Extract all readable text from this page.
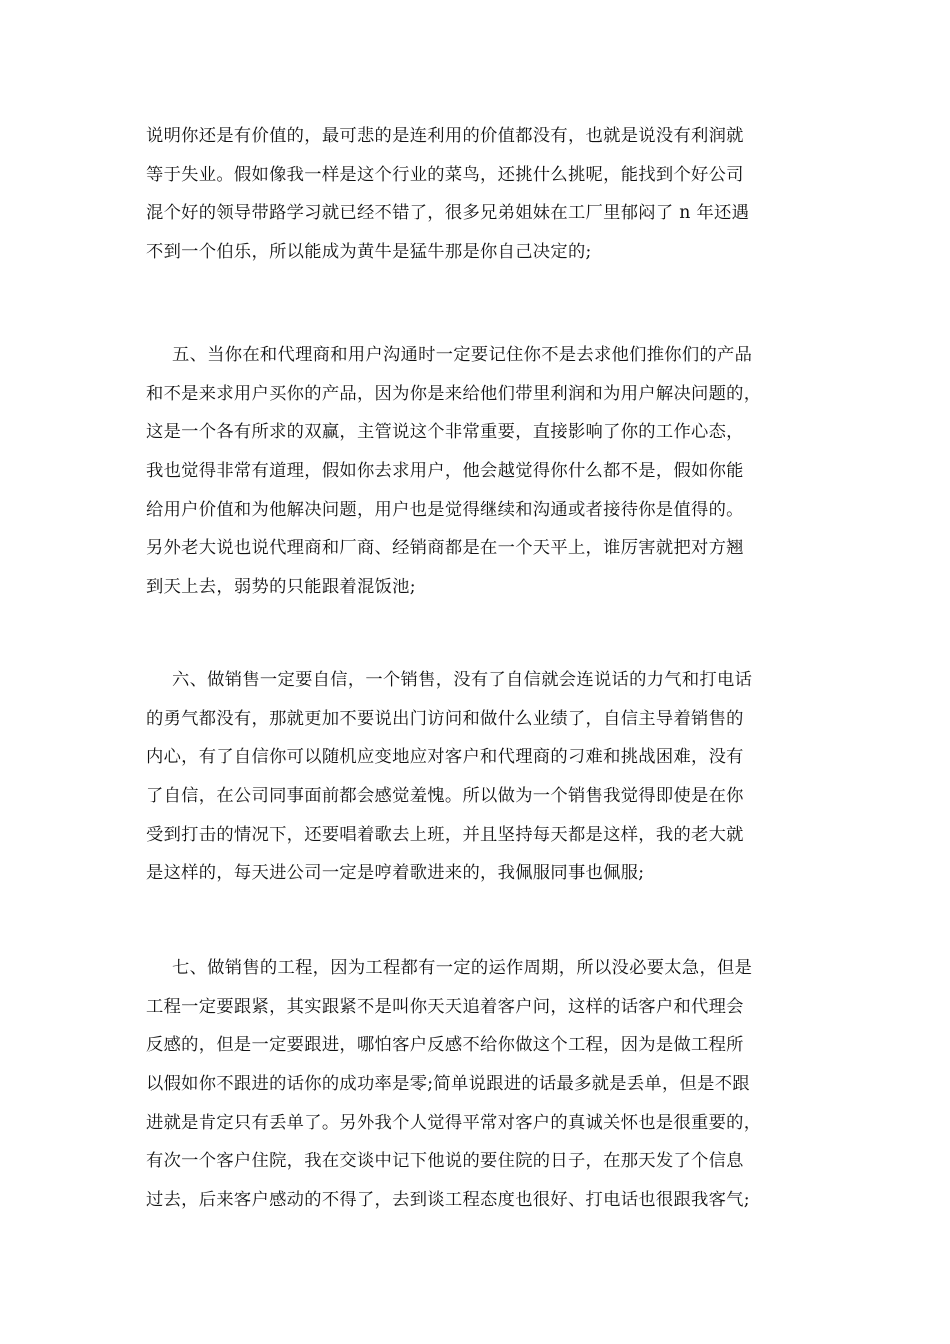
说明你还是有价值的，最可悲的是连利用的价值都没有，也就是说没有利润就
等于失业。假如像我一样是这个行业的菜鸟，还挑什么挑呢，能找到个好公司
混个好的领导带路学习就已经不错了，很多兄弟姐妹在工厂里郁闷了 n 年还遇
不到一个伯乐，所以能成为黄牛是猛牛那是你自己决定的;
五、当你在和代理商和用户沟通时一定要记住你不是去求他们推你们的产品
和不是来求用户买你的产品，因为你是来给他们带里利润和为用户解决问题的，
这是一个各有所求的双赢，主管说这个非常重要，直接影响了你的工作心态，
我也觉得非常有道理，假如你去求用户，他会越觉得你什么都不是，假如你能
给用户价值和为他解决问题，用户也是觉得继续和沟通或者接待你是值得的。
另外老大说也说代理商和厂商、经销商都是在一个天平上，谁厉害就把对方翘
到天上去，弱势的只能跟着混饭池;
六、做销售一定要自信，一个销售，没有了自信就会连说话的力气和打电话
的勇气都没有，那就更加不要说出门访问和做什么业绩了，自信主导着销售的
内心，有了自信你可以随机应变地应对客户和代理商的刁难和挑战困难，没有
了自信，在公司同事面前都会感觉羞愧。所以做为一个销售我觉得即使是在你
受到打击的情况下，还要唱着歌去上班，并且坚持每天都是这样，我的老大就
是这样的，每天进公司一定是哼着歌进来的，我佩服同事也佩服;
七、做销售的工程，因为工程都有一定的运作周期，所以没必要太急，但是
工程一定要跟紧，其实跟紧不是叫你天天追着客户问，这样的话客户和代理会
反感的，但是一定要跟进，哪怕客户反感不给你做这个工程，因为是做工程所
以假如你不跟进的话你的成功率是零;简单说跟进的话最多就是丢单，但是不跟
进就是肯定只有丢单了。另外我个人觉得平常对客户的真诚关怀也是很重要的，
有次一个客户住院，我在交谈中记下他说的要住院的日子，在那天发了个信息
过去，后来客户感动的不得了，去到谈工程态度也很好、打电话也很跟我客气;
